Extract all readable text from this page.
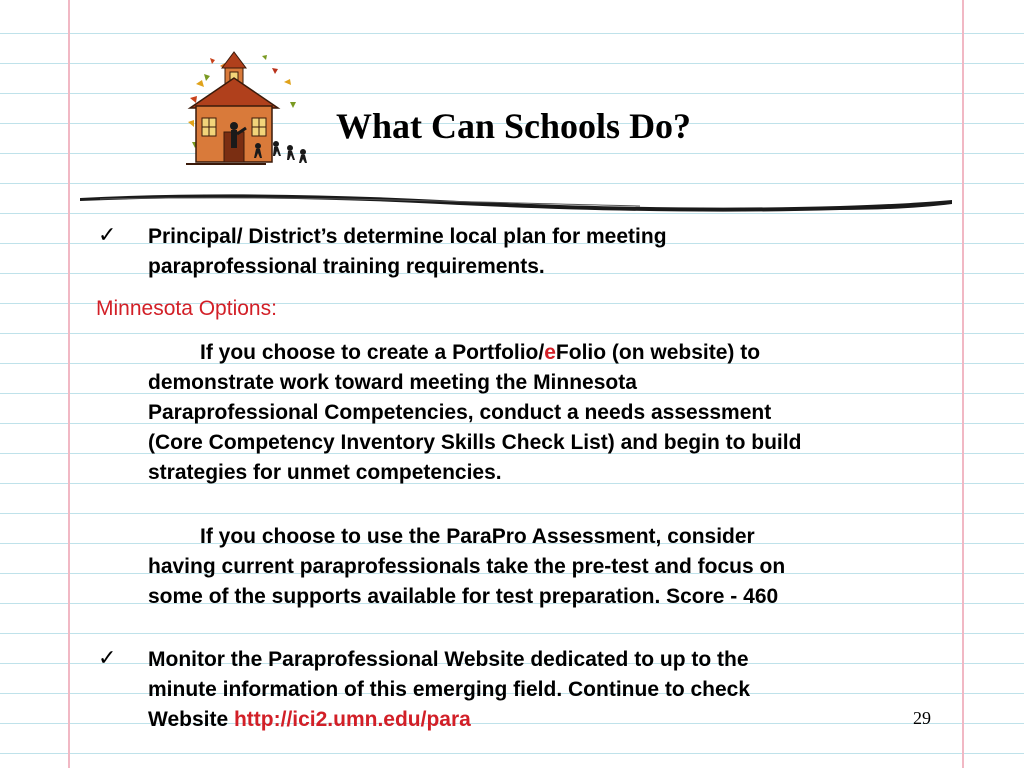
What Can Schools Do?
✓ Principal/ District’s determine local plan for meeting
paraprofessional training requirements.
Minnesota Options:
If you choose to create a Portfolio/eFolio (on website) to
demonstrate work toward meeting the Minnesota
Paraprofessional Competencies, conduct a needs assessment
(Core Competency Inventory Skills Check List) and begin to build
strategies for unmet competencies.
If you choose to use the ParaPro Assessment, consider
having current paraprofessionals take the pre-test and focus on
some of the supports available for test preparation. Score - 460
✓ Monitor the Paraprofessional Website dedicated to up to the
minute information of this emerging field. Continue to check
Website http://ici2.umn.edu/para	29
